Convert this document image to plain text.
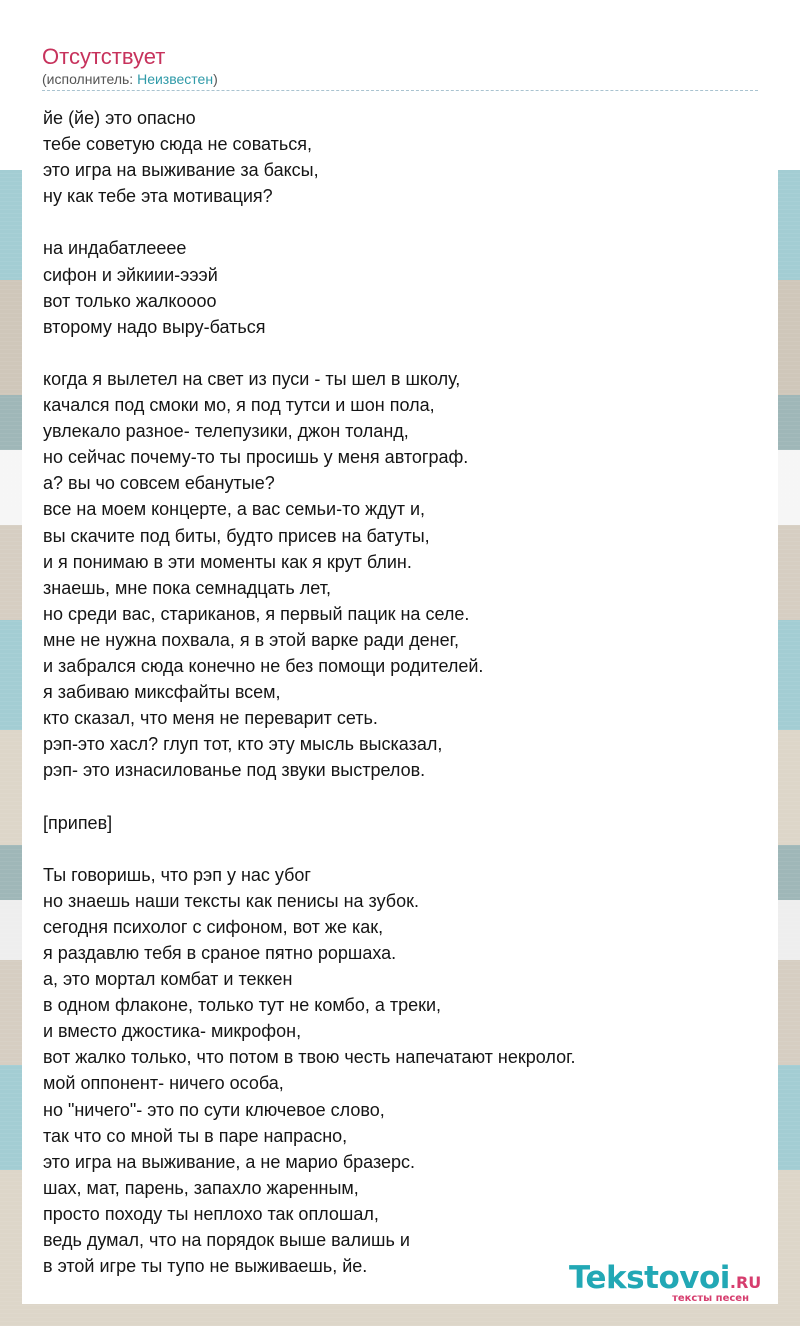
Отсутствует
(исполнитель: Неизвестен)
йе (йе) это опасно
тебе советую сюда не соваться,
это игра на выживание за баксы,
ну как тебе эта мотивация?
на индабатлееее
сифон и эйкиии-эээй
вот только жалкоооо
второму надо выру-баться
когда я вылетел на свет из пуси - ты шел в школу,
качался под смоки мо, я под тутси и шон пола,
увлекало разное- телепузики, джон толанд,
но сейчас почему-то ты просишь у меня автограф.
а? вы чо совсем ебанутые?
все на моем концерте, а вас семьи-то ждут и,
вы скачите под биты, будто присев на батуты,
и я понимаю в эти моменты как я крут блин.
знаешь, мне пока семнадцать лет,
но среди вас, стариканов, я первый пацик на селе.
мне не нужна похвала, я в этой варке ради денег,
и забрался сюда конечно не без помощи родителей.
я забиваю миксфайты всем,
кто сказал, что меня не переварит сеть.
рэп-это хасл? глуп тот, кто эту мысль высказал,
рэп- это изнасилованье под звуки выстрелов.
[припев]
Ты говоришь, что рэп у нас убог
но знаешь наши тексты как пенисы на зубок.
сегодня психолог с сифоном, вот же как,
я раздавлю тебя в сраное пятно роршаха.
а, это мортал комбат и теккен
в одном флаконе, только тут не комбо, а треки,
и вместо джостика- микрофон,
вот жалко только, что потом в твою честь напечатают некролог.
мой оппонент- ничего особа,
но "ничего"- это по сути ключевое слово,
так что со мной ты в паре напрасно,
это игра на выживание, а не марио бразерс.
шах, мат, парень, запахло жаренным,
просто походу ты неплохо так оплошал,
ведь думал, что на порядок выше валишь и
в этой игре ты тупо не выживаешь, йе.	Tekstovoi.RU
тексты песен
